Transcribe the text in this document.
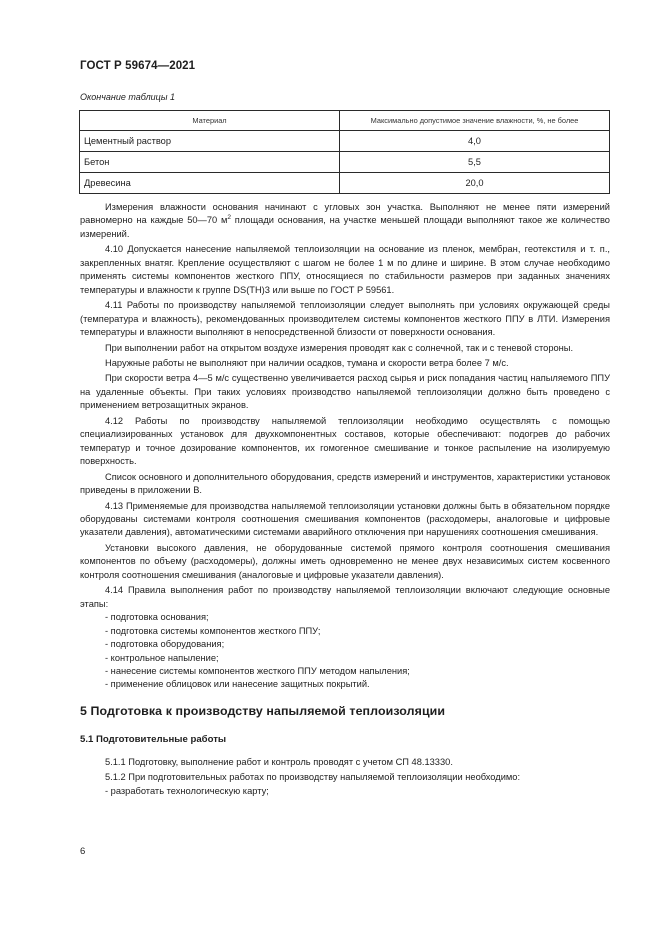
ГОСТ Р 59674—2021
Окончание таблицы 1
Материал	Максимально допустимое значение влажности, %, не более
Цементный раствор	4,0
Бетон	5,5
Древесина	20,0

Измерения влажности основания начинают с угловых зон участка. Выполняют не менее пяти измерений равномерно на каждые 50—70 $м^2$ площади основания, на участке меньшей площади выполняют такое же количество измерений.

4.10 Допускается нанесение напыляемой теплоизоляции на основание из пленок, мембран, геотекстиля и т. п., закрепленных внатяг. Крепление осуществляют с шагом не более 1 м по длине и ширине. В этом случае необходимо применять системы компонентов жесткого ППУ, относящиеся по стабильности размеров при заданных значениях температуры и влажности к группе DS(TH)3 или выше по ГОСТ Р 59561.

4.11 Работы по производству напыляемой теплоизоляции следует выполнять при условиях окружающей среды (температура и влажность), рекомендованных производителем системы компонентов жесткого ППУ в ЛТИ. Измерения температуры и влажности выполняют в непосредственной близости от поверхности основания.

При выполнении работ на открытом воздухе измерения проводят как с солнечной, так и с теневой стороны.

Наружные работы не выполняют при наличии осадков, тумана и скорости ветра более 7 м/с.

При скорости ветра 4—5 м/с существенно увеличивается расход сырья и риск попадания частиц напыляемого ППУ на удаленные объекты. При таких условиях производство напыляемой теплоизоляции должно быть проведено с применением ветрозащитных экранов.

4.12 Работы по производству напыляемой теплоизоляции необходимо осуществлять с помощью специализированных установок для двухкомпонентных составов, которые обеспечивают: подогрев до рабочих температур и точное дозирование компонентов, их гомогенное смешивание и тонкое распыление на изолируемую поверхность.

Список основного и дополнительного оборудования, средств измерений и инструментов, характеристики установок приведены в приложении В.

4.13 Применяемые для производства напыляемой теплоизоляции установки должны быть в обязательном порядке оборудованы системами контроля соотношения смешивания компонентов (расходомеры, аналоговые и цифровые указатели давления), автоматическими системами аварийного отключения при нарушениях соотношения смешивания.

Установки высокого давления, не оборудованные системой прямого контроля соотношения смешивания компонентов по объему (расходомеры), должны иметь одновременно не менее двух независимых систем косвенного контроля соотношения смешивания (аналоговые и цифровые указатели давления).

4.14 Правила выполнения работ по производству напыляемой теплоизоляции включают следующие основные этапы:

- подготовка основания;

- подготовка системы компонентов жесткого ППУ;

- подготовка оборудования;

- контрольное напыление;

- нанесение системы компонентов жесткого ППУ методом напыления;

- применение облицовок или нанесение защитных покрытий.

5 Подготовка к производству напыляемой теплоизоляции
5.1 Подготовительные работы

5.1.1 Подготовку, выполнение работ и контроль проводят с учетом СП 48.13330.

5.1.2 При подготовительных работах по производству напыляемой теплоизоляции необходимо:

- разработать технологическую карту;

6
